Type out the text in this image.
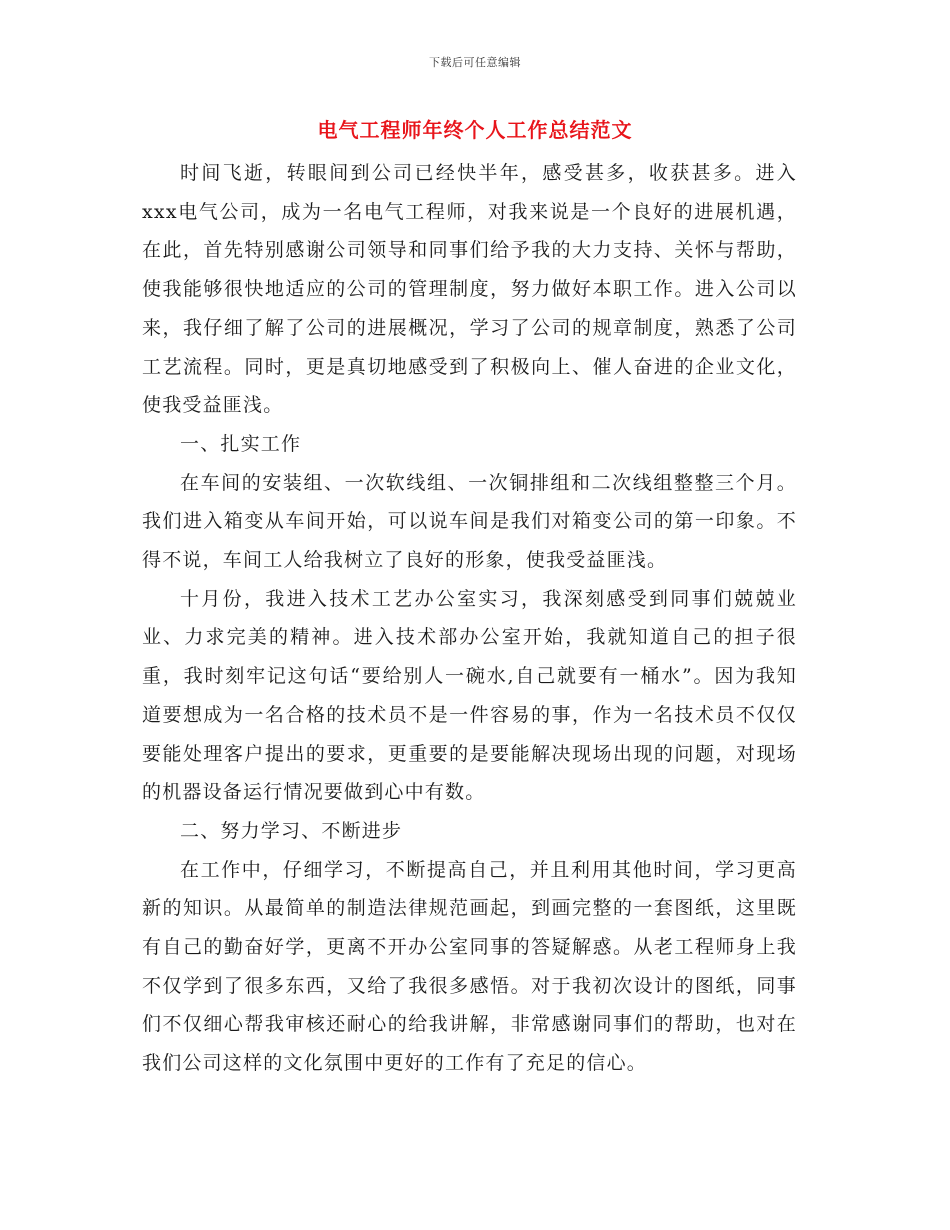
下载后可任意编辑
电气工程师年终个人工作总结范文

时间飞逝，转眼间到公司已经快半年，感受甚多，收获甚多。进入xxx电气公司，成为一名电气工程师，对我来说是一个良好的进展机遇，在此，首先特别感谢公司领导和同事们给予我的大力支持、关怀与帮助，使我能够很快地适应的公司的管理制度，努力做好本职工作。进入公司以来，我仔细了解了公司的进展概况，学习了公司的规章制度，熟悉了公司工艺流程。同时，更是真切地感受到了积极向上、催人奋进的企业文化，使我受益匪浅。

一、扎实工作

在车间的安装组、一次软线组、一次铜排组和二次线组整整三个月。我们进入箱变从车间开始，可以说车间是我们对箱变公司的第一印象。不得不说，车间工人给我树立了良好的形象，使我受益匪浅。

十月份，我进入技术工艺办公室实习，我深刻感受到同事们兢兢业业、力求完美的精神。进入技术部办公室开始，我就知道自己的担子很重，我时刻牢记这句话“要给别人一碗水,自己就要有一桶水”。因为我知道要想成为一名合格的技术员不是一件容易的事，作为一名技术员不仅仅要能处理客户提出的要求，更重要的是要能解决现场出现的问题，对现场的机器设备运行情况要做到心中有数。

二、努力学习、不断进步

在工作中，仔细学习，不断提高自己，并且利用其他时间，学习更高新的知识。从最简单的制造法律规范画起，到画完整的一套图纸，这里既有自己的勤奋好学，更离不开办公室同事的答疑解惑。从老工程师身上我不仅学到了很多东西，又给了我很多感悟。对于我初次设计的图纸，同事们不仅细心帮我审核还耐心的给我讲解，非常感谢同事们的帮助，也对在我们公司这样的文化氛围中更好的工作有了充足的信心。
